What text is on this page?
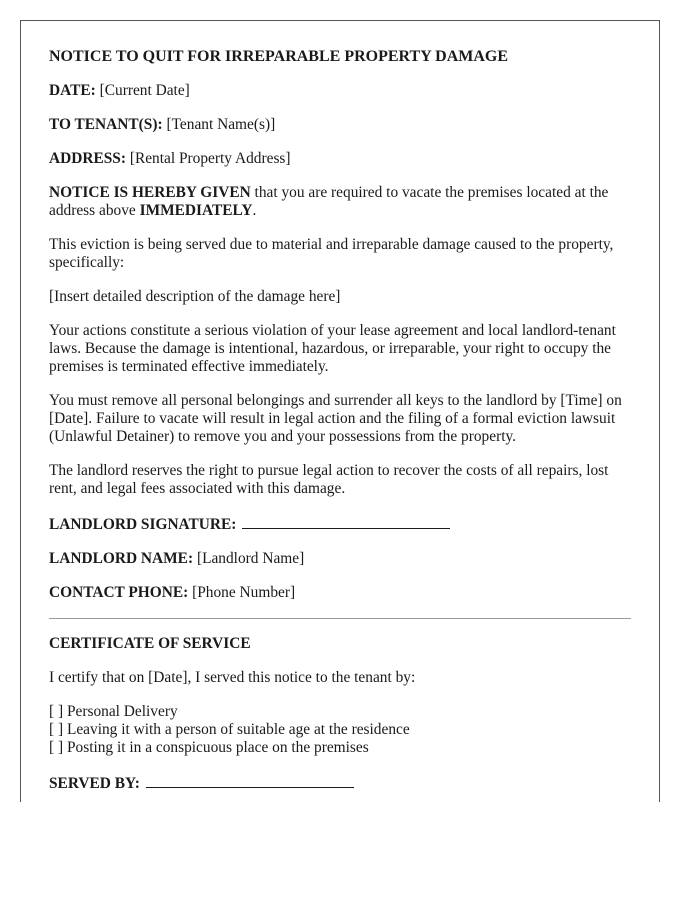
NOTICE TO QUIT FOR IRREPARABLE PROPERTY DAMAGE

DATE: [Current Date]

TO TENANT(S): [Tenant Name(s)]

ADDRESS: [Rental Property Address]

NOTICE IS HEREBY GIVEN that you are required to vacate the premises located at the address above IMMEDIATELY.

This eviction is being served due to material and irreparable damage caused to the property, specifically:

[Insert detailed description of the damage here]

Your actions constitute a serious violation of your lease agreement and local landlord-tenant laws. Because the damage is intentional, hazardous, or irreparable, your right to occupy the premises is terminated effective immediately.

You must remove all personal belongings and surrender all keys to the landlord by [Time] on [Date]. Failure to vacate will result in legal action and the filing of a formal eviction lawsuit (Unlawful Detainer) to remove you and your possessions from the property.

The landlord reserves the right to pursue legal action to recover the costs of all repairs, lost rent, and legal fees associated with this damage.

LANDLORD SIGNATURE:

LANDLORD NAME: [Landlord Name]

CONTACT PHONE: [Phone Number]

CERTIFICATE OF SERVICE

I certify that on [Date], I served this notice to the tenant by:

[ ] Personal Delivery
[ ] Leaving it with a person of suitable age at the residence
[ ] Posting it in a conspicuous place on the premises

SERVED BY:
